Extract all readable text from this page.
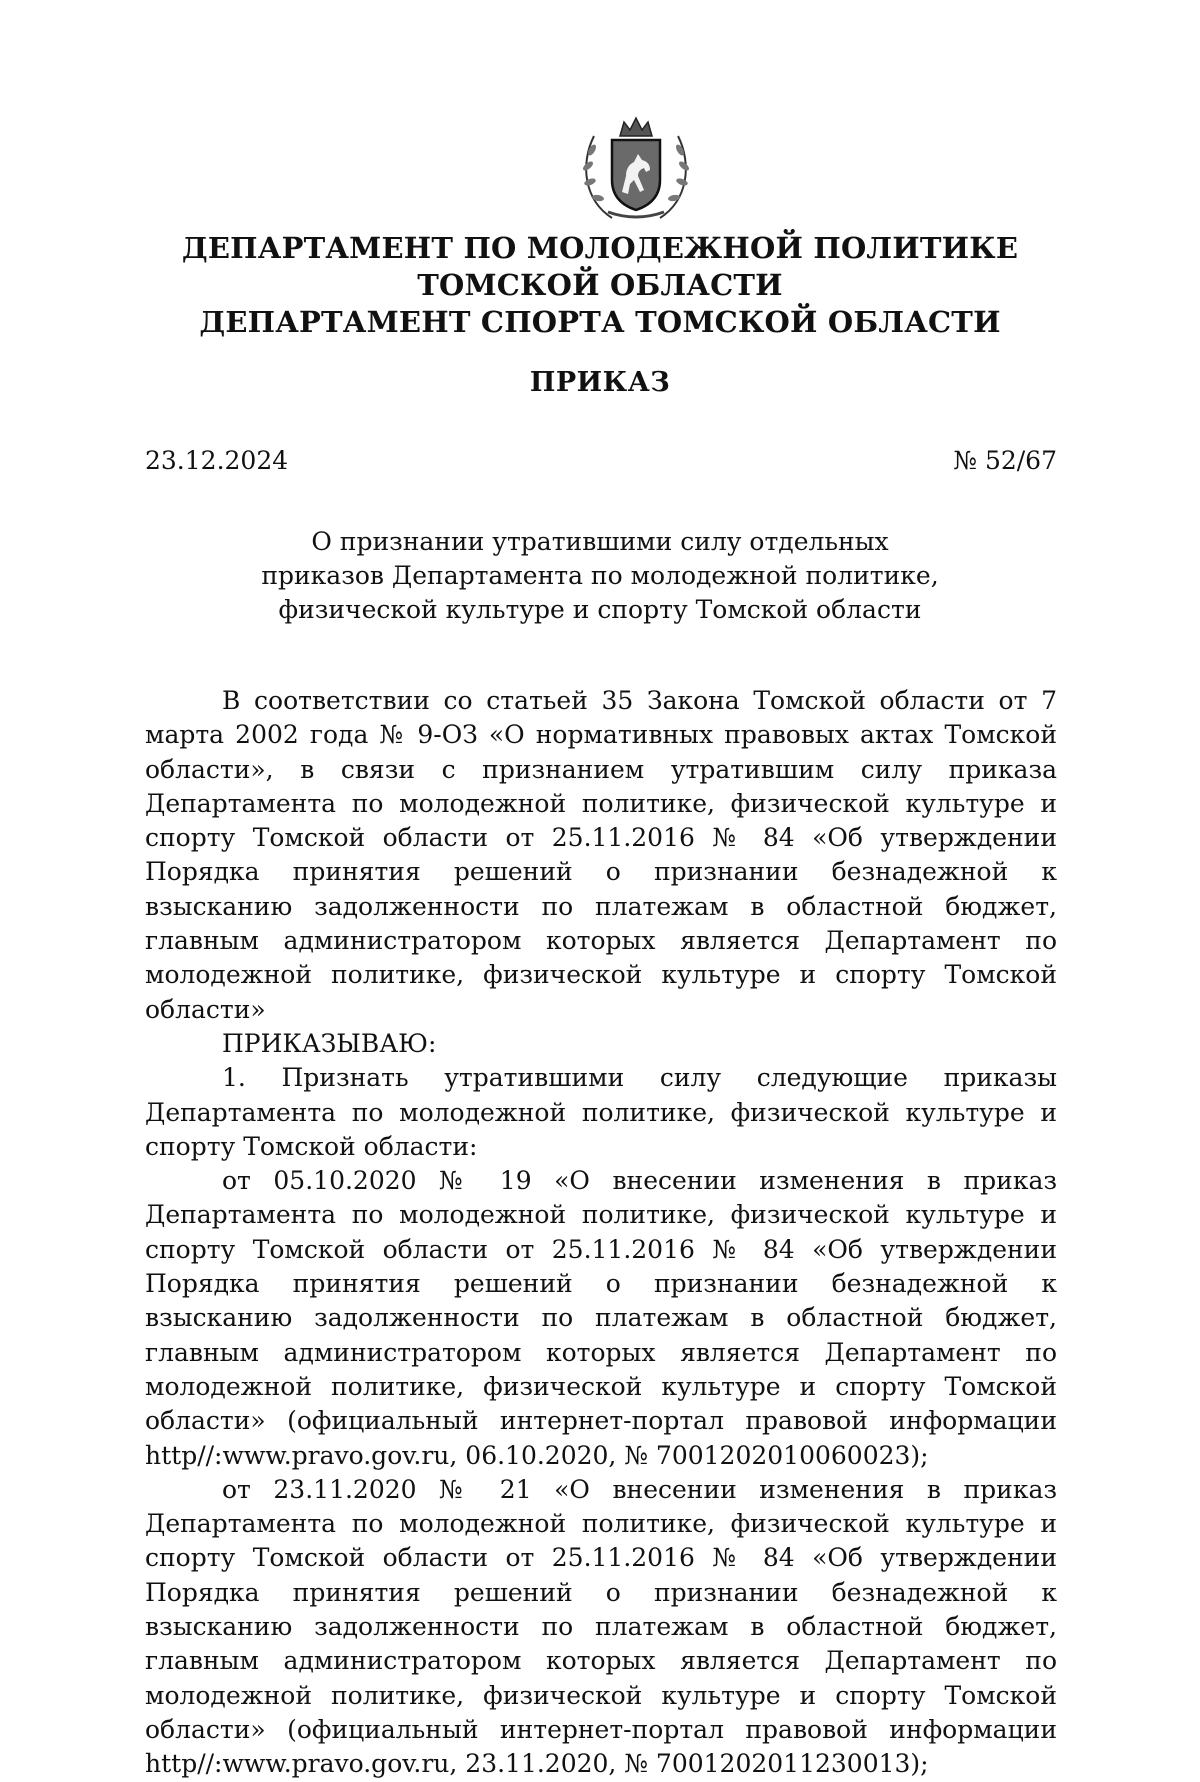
ДЕПАРТАМЕНТ ПО МОЛОДЕЖНОЙ ПОЛИТИКЕ
ТОМСКОЙ ОБЛАСТИ
ДЕПАРТАМЕНТ СПОРТА ТОМСКОЙ ОБЛАСТИ
ПРИКАЗ
23.12.2024	№ 52/67
О признании утратившими силу отдельных
приказов Департамента по молодежной политике,
физической культуре и спорту Томской области

В соответствии со статьей 35 Закона Томской области от 7 марта 2002 года № 9-ОЗ «О нормативных правовых актах Томской области», в связи с признанием утратившим силу приказа Департамента по молодежной политике, физической культуре и спорту Томской области от 25.11.2016 № 84 «Об утверждении Порядка принятия решений о признании безнадежной к взысканию задолженности по платежам в областной бюджет, главным администратором которых является Департамент по молодежной политике, физической культуре и спорту Томской области»

ПРИКАЗЫВАЮ:

1. Признать утратившими силу следующие приказы Департамента по молодежной политике, физической культуре и спорту Томской области:

от 05.10.2020 № 19 «О внесении изменения в приказ Департамента по молодежной политике, физической культуре и спорту Томской области от 25.11.2016 № 84 «Об утверждении Порядка принятия решений о признании безнадежной к взысканию задолженности по платежам в областной бюджет, главным администратором которых является Департамент по молодежной политике, физической культуре и спорту Томской области» (официальный интернет-портал правовой информации http//:www.pravo.gov.ru, 06.10.2020, № 7001202010060023);

от 23.11.2020 № 21 «О внесении изменения в приказ Департамента по молодежной политике, физической культуре и спорту Томской области от 25.11.2016 № 84 «Об утверждении Порядка принятия решений о признании безнадежной к взысканию задолженности по платежам в областной бюджет, главным администратором которых является Департамент по молодежной политике, физической культуре и спорту Томской области» (официальный интернет-портал правовой информации http//:www.pravo.gov.ru, 23.11.2020, № 7001202011230013);
